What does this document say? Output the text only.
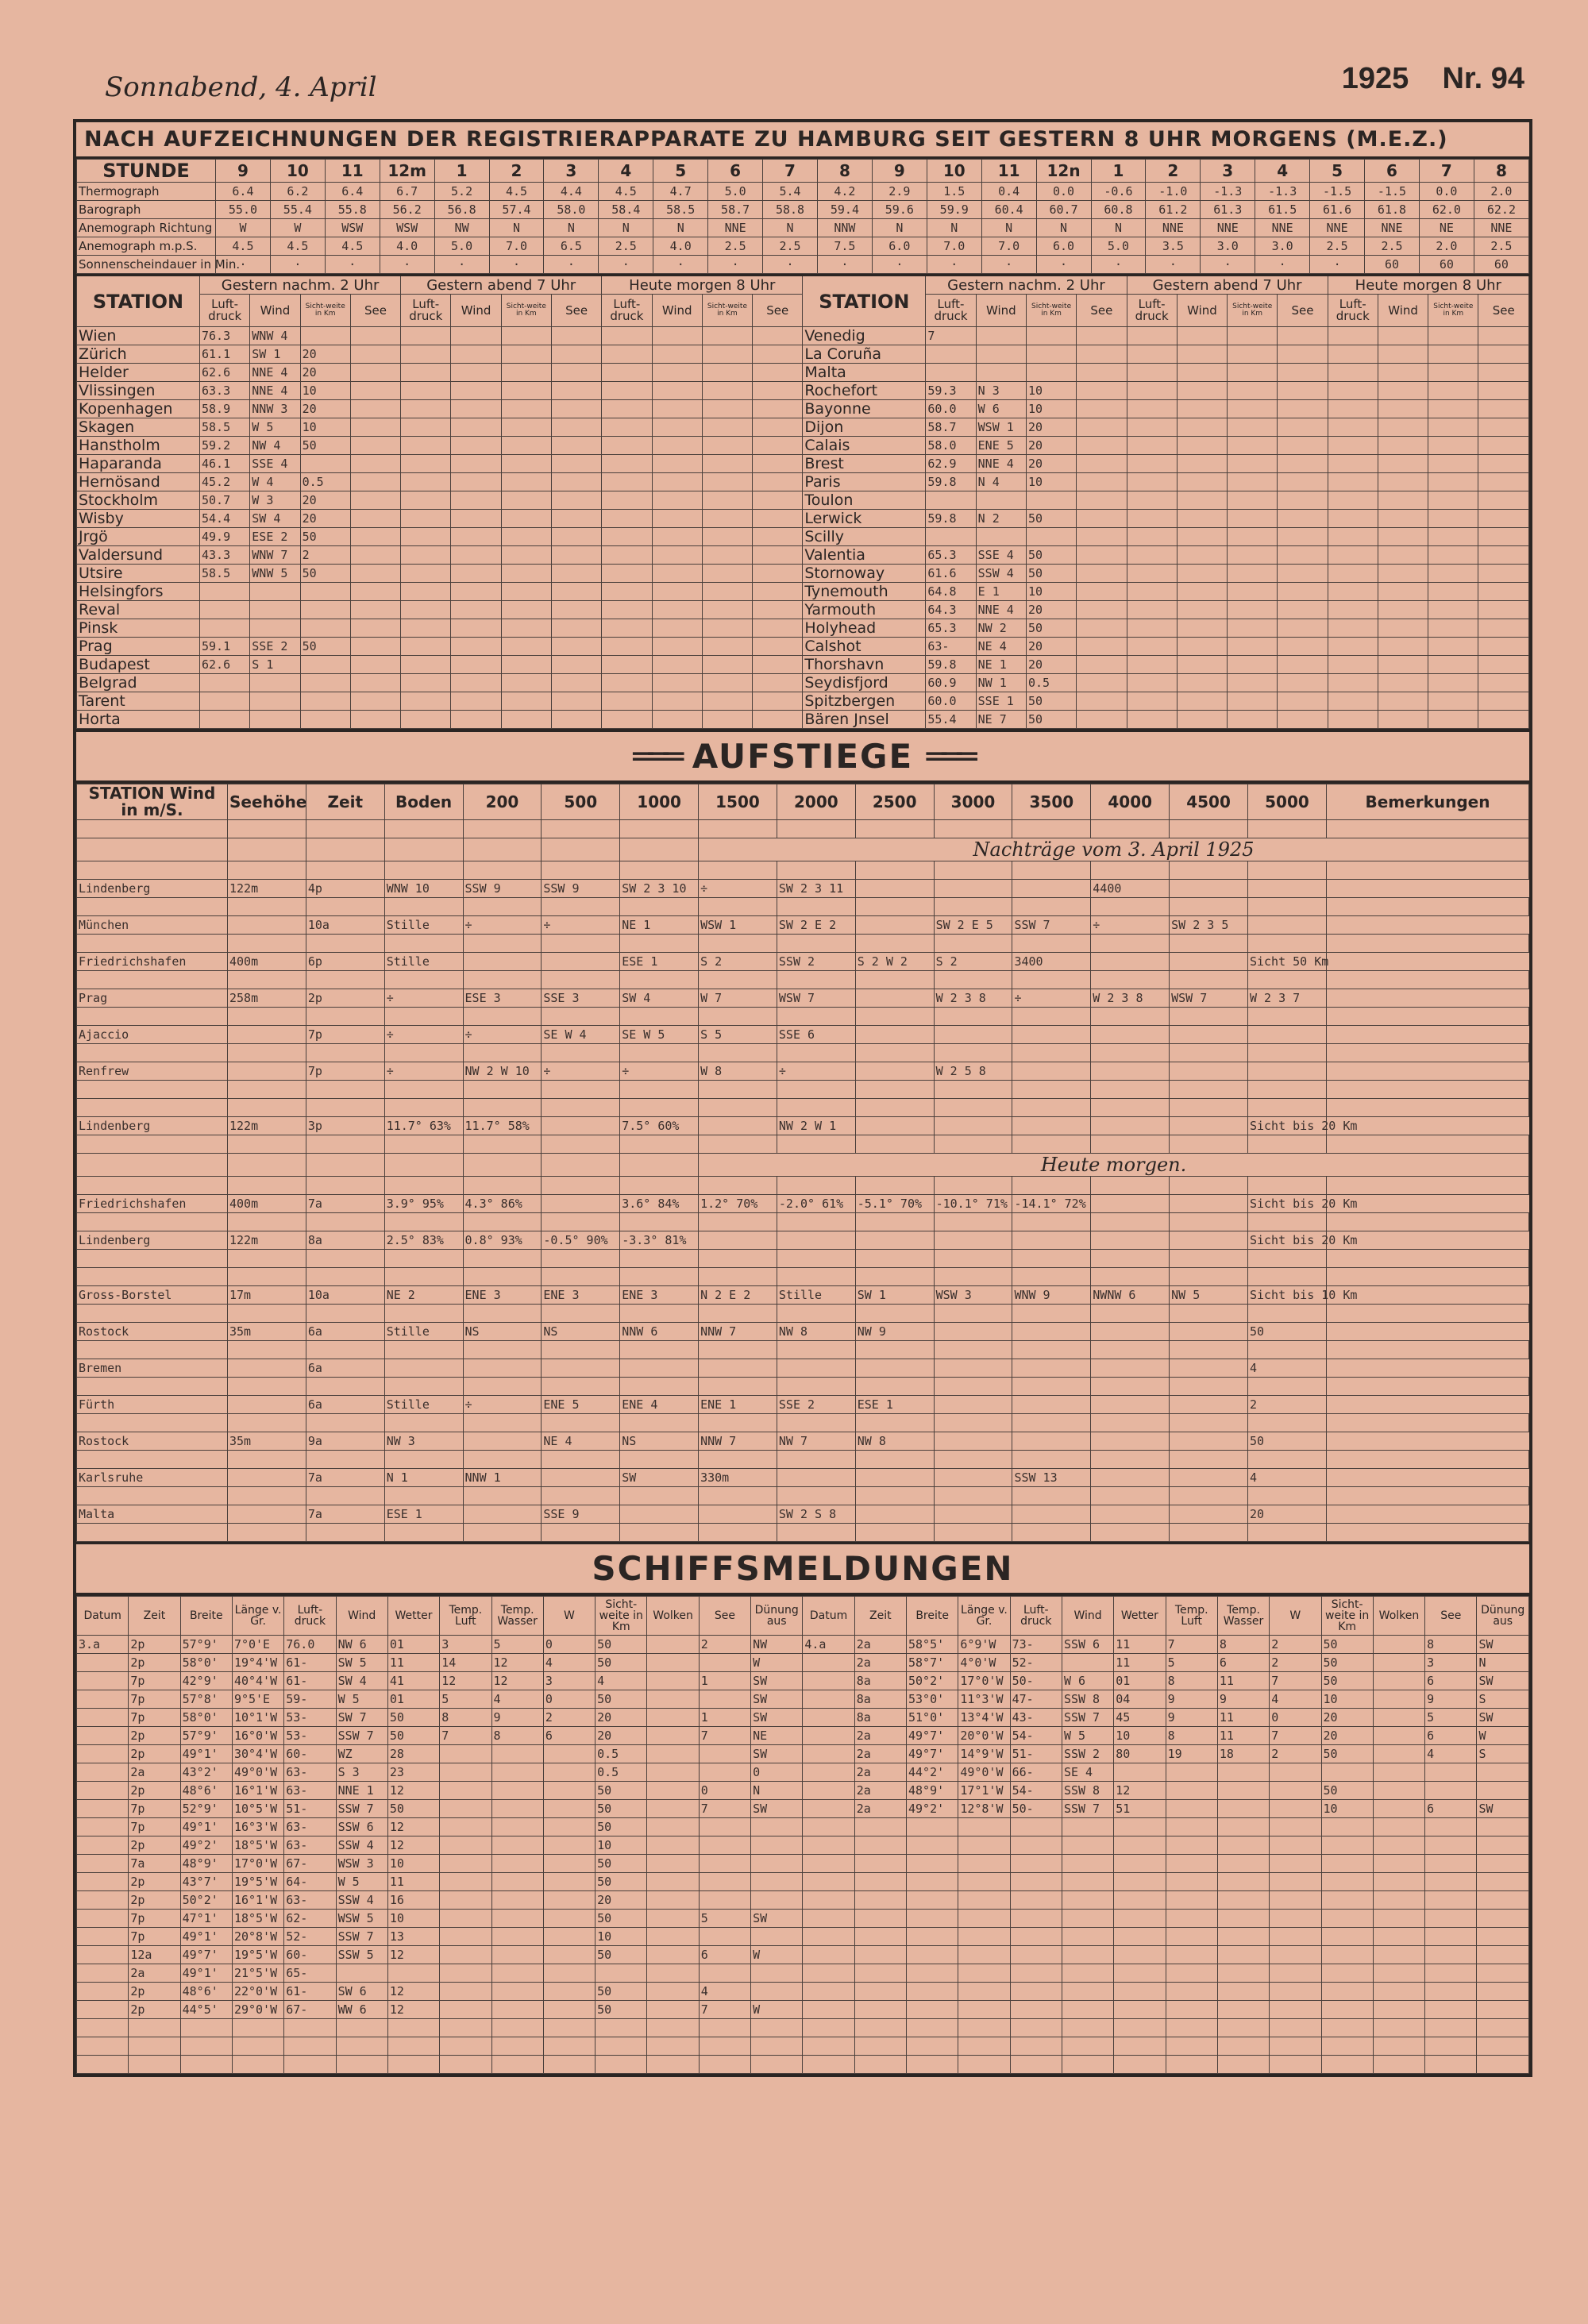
Sonnabend, 4. April	1925 Nr. 94
NACH AUFZEICHNUNGEN DER REGISTRIERAPPARATE ZU HAMBURG SEIT GESTERN 8 UHR MORGENS (M.E.Z.)
STUNDE	9	10	11	12m	1	2	3	4	5	6	7	8	9	10	11	12n	1	2	3	4	5	6	7	8
Thermograph	6.4	6.2	6.4	6.7	5.2	4.5	4.4	4.5	4.7	5.0	5.4	4.2	2.9	1.5	0.4	0.0	-0.6	-1.0	-1.3	-1.3	-1.5	-1.5	0.0	2.0
Barograph	55.0	55.4	55.8	56.2	56.8	57.4	58.0	58.4	58.5	58.7	58.8	59.4	59.6	59.9	60.4	60.7	60.8	61.2	61.3	61.5	61.6	61.8	62.0	62.2
Anemograph Richtung	W	W	WSW	WSW	NW	N	N	N	N	NNE	N	NNW	N	N	N	N	N	NNE	NNE	NNE	NNE	NNE	NE	NNE
Anemograph m.p.S.	4.5	4.5	4.5	4.0	5.0	7.0	6.5	2.5	4.0	2.5	2.5	7.5	6.0	7.0	7.0	6.0	5.0	3.5	3.0	3.0	2.5	2.5	2.0	2.5
Sonnenscheindauer in Min.	·	·	·	·	·	·	·	·	·	·	·	·	·	·	·	·	·	·	·	·	·	60	60	60
STATION	Gestern nachm. 2 Uhr				Gestern abend 7 Uhr				Heute morgen 8 Uhr				STATION	Gestern nachm. 2 Uhr				Gestern abend 7 Uhr				Heute morgen 8 Uhr			
	Luft-druck	Wind	Sicht-weite in Km	See	Luft-druck	Wind	Sicht-weite in Km	See	Luft-druck	Wind	Sicht-weite in Km	See		Luft-druck	Wind	Sicht-weite in Km	See	Luft-druck	Wind	Sicht-weite in Km	See	Luft-druck	Wind	Sicht-weite in Km	See
Wien	76.3	WNW 4											Venedig	7											
Zürich	61.1	SW 1	20										La Coruña												
Helder	62.6	NNE 4	20										Malta												
Vlissingen	63.3	NNE 4	10										Rochefort	59.3	N 3	10									
Kopenhagen	58.9	NNW 3	20										Bayonne	60.0	W 6	10									
Skagen	58.5	W 5	10										Dijon	58.7	WSW 1	20									
Hanstholm	59.2	NW 4	50										Calais	58.0	ENE 5	20									
Haparanda	46.1	SSE 4											Brest	62.9	NNE 4	20									
Hernösand	45.2	W 4	0.5										Paris	59.8	N 4	10									
Stockholm	50.7	W 3	20										Toulon												
Wisby	54.4	SW 4	20										Lerwick	59.8	N 2	50									
Jrgö	49.9	ESE 2	50										Scilly												
Valdersund	43.3	WNW 7	2										Valentia	65.3	SSE 4	50									
Utsire	58.5	WNW 5	50										Stornoway	61.6	SSW 4	50									
Helsingfors													Tynemouth	64.8	E 1	10									
Reval													Yarmouth	64.3	NNE 4	20									
Pinsk													Holyhead	65.3	NW 2	50									
Prag	59.1	SSE 2	50										Calshot	63-	NE 4	20									
Budapest	62.6	S 1											Thorshavn	59.8	NE 1	20									
Belgrad													Seydisfjord	60.9	NW 1	0.5									
Tarent													Spitzbergen	60.0	SSE 1	50									
Horta													Bären Jnsel	55.4	NE 7	50									
═══ AUFSTIEGE ═══
STATION Wind in m/S.	Seehöhe	Zeit	Boden	200	500	1000	1500	2000	2500	3000	3500	4000	4500	5000	Bemerkungen

							Nachträge vom 3. April 1925								

Lindenberg	122m	4p	WNW 10	SSW 9	SSW 9	SW 2 3 10	÷	SW 2 3 11				4400			

München		10a	Stille	÷	÷	NE 1	WSW 1	SW 2 E 2		SW 2 E 5	SSW 7	÷	SW 2 3 5		

Friedrichshafen	400m	6p	Stille			ESE 1	S 2	SSW 2	S 2 W 2	S 2	3400			Sicht 50 Km	

Prag	258m	2p	÷	ESE 3	SSE 3	SW 4	W 7	WSW 7		W 2 3 8	÷	W 2 3 8	WSW 7	W 2 3 7	

Ajaccio		7p	÷	÷	SE W 4	SE W 5	S 5	SSE 6							

Renfrew		7p	÷	NW 2 W 10	÷	÷	W 8	÷		W 2 5 8					

Lindenberg	122m	3p	11.7° 63%	11.7° 58%		7.5° 60%		NW 2 W 1						Sicht bis 20 Km	

							Heute morgen.								

Friedrichshafen	400m	7a	3.9° 95%	4.3° 86%		3.6° 84%	1.2° 70%	-2.0° 61%	-5.1° 70%	-10.1° 71%	-14.1° 72%			Sicht bis 20 Km	

Lindenberg	122m	8a	2.5° 83%	0.8° 93%	-0.5° 90%	-3.3° 81%								Sicht bis 20 Km	

Gross-Borstel	17m	10a	NE 2	ENE 3	ENE 3	ENE 3	N 2 E 2	Stille	SW 1	WSW 3	WNW 9	NWNW 6	NW 5	Sicht bis 10 Km	

Rostock	35m	6a	Stille	NS	NS	NNW 6	NNW 7	NW 8	NW 9					50	

Bremen		6a												4	

Fürth		6a	Stille	÷	ENE 5	ENE 4	ENE 1	SSE 2	ESE 1					2	

Rostock	35m	9a	NW 3		NE 4	NS	NNW 7	NW 7	NW 8					50	

Karlsruhe		7a	N 1	NNW 1		SW	330m				SSW 13			4	

Malta		7a	ESE 1		SSE 9			SW 2 S 8						20	

SCHIFFSMELDUNGEN
Datum	Zeit	Breite	Länge v. Gr.	Luft-druck	Wind	Wetter	Temp. Luft	Temp. Wasser	W	Sicht-weite in Km	Wolken	See	Dünung aus	Datum	Zeit	Breite	Länge v. Gr.	Luft-druck	Wind	Wetter	Temp. Luft	Temp. Wasser	W	Sicht-weite in Km	Wolken	See	Dünung aus
3.a	2p	57°9'	7°0'E	76.0	NW 6	01	3	5	0	50		2	NW	4.a	2a	58°5'	6°9'W	73-	SSW 6	11	7	8	2	50		8	SW
	2p	58°0'	19°4'W	61-	SW 5	11	14	12	4	50			W		2a	58°7'	4°0'W	52-		11	5	6	2	50		3	N
	7p	42°9'	40°4'W	61-	SW 4	41	12	12	3	4		1	SW		8a	50°2'	17°0'W	50-	W 6	01	8	11	7	50		6	SW
	7p	57°8'	9°5'E	59-	W 5	01	5	4	0	50			SW		8a	53°0'	11°3'W	47-	SSW 8	04	9	9	4	10		9	S
	7p	58°0'	10°1'W	53-	SW 7	50	8	9	2	20		1	SW		8a	51°0'	13°4'W	43-	SSW 7	45	9	11	0	20		5	SW
	2p	57°9'	16°0'W	53-	SSW 7	50	7	8	6	20		7	NE		2a	49°7'	20°0'W	54-	W 5	10	8	11	7	20		6	W
	2p	49°1'	30°4'W	60-	WZ	28				0.5			SW		2a	49°7'	14°9'W	51-	SSW 2	80	19	18	2	50		4	S
	2a	43°2'	49°0'W	63-	S 3	23				0.5			0		2a	44°2'	49°0'W	66-	SE 4								
	2p	48°6'	16°1'W	63-	NNE 1	12				50		0	N		2a	48°9'	17°1'W	54-	SSW 8	12				50			
	7p	52°9'	10°5'W	51-	SSW 7	50				50		7	SW		2a	49°2'	12°8'W	50-	SSW 7	51				10		6	SW
	7p	49°1'	16°3'W	63-	SSW 6	12				50																	
	2p	49°2'	18°5'W	63-	SSW 4	12				10																	
	7a	48°9'	17°0'W	67-	WSW 3	10				50																	
	2p	43°7'	19°5'W	64-	W 5	11				50																	
	2p	50°2'	16°1'W	63-	SSW 4	16				20																	
	7p	47°1'	18°5'W	62-	WSW 5	10				50		5	SW														
	7p	49°1'	20°8'W	52-	SSW 7	13				10																	
	12a	49°7'	19°5'W	60-	SSW 5	12				50		6	W														
	2a	49°1'	21°5'W	65-																							
	2p	48°6'	22°0'W	61-	SW 6	12				50		4															
	2p	44°5'	29°0'W	67-	WW 6	12				50		7	W														
